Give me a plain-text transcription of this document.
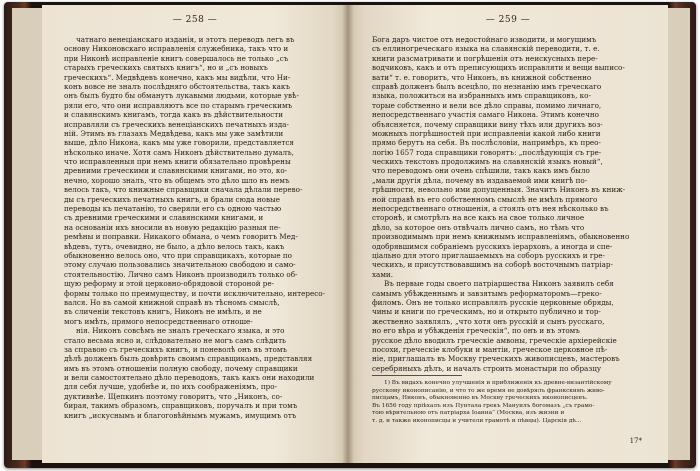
— 258 —
чатнаго венеціанскаго изданія, и этотъ переводъ легъ въ
основу Никоновскаго исправленія служебника, такъ что и
при Никонѣ исправленіе книгъ совершалось не только „съ
старыхъ греческихъ святыхъ книгъ“, но и „съ новыхъ
греческихъ“. Медвѣдевъ конечно, какъ мы видѣли, что Ни-
конъ вовсе не зналъ послѣдняго обстоятельства, такъ какъ
онъ былъ будто бы обманутъ лукавыми людьми, которые увѣ-
ряли его, что они исправляютъ все по старымъ греческимъ
и славянскимъ книгамъ, тогда какъ въ дѣйствительности
исправляли съ греческихъ венеціанскихъ печатныхъ издa-
ній. Этимъ въ глазахъ Медвѣдева, какъ мы уже замѣтили
выше, дѣло Никона, какъ мы уже говорили, представляется
нѣсколько иначе. Хотя самъ Никонъ дѣйствительно думалъ,
что исправленныя при немъ книги обязательно провѣрены
древними греческими и славянскими книгами, но это, ко-
нечно, хорошо зналъ, что въ общемъ это дѣло шло въ немъ
велось такъ, что книжные справщики сначала дѣлали перево-
ды съ греческихъ печатныхъ книгъ, и брали сюда новые
переводы къ печатанію, то сверяли его съ одною частью
съ древними греческими и славянскими книгами, и
на основаніи ихъ вносили въ новую редакцію разныя пе-
ремѣны и поправки. Никакого обмана, о чемъ говоритъ Мед-
вѣдевъ, тутъ, очевидно, не было, а дѣло велось такъ, какъ
обыкновенно велось оно, что при справщикахъ, которые по
этому случаю пользовались значительною свободою и само-
стоятельностію. Лично самъ Никонъ производилъ только об-
щую реформу и этой церковно-обрядовой стороной ре-
формы только по преимуществу, и почти исключительно, интересо-
вался. Но въ самой книжной справѣ въ тѣсномъ смыслѣ,
въ сличеніи текстовъ книгъ, Никонъ не имѣлъ, и не
могъ имѣть, прямого непосредственнаго отноше-
нія. Никонъ совсѣмъ не зналъ греческаго языка, и это
стало весьма ясно и, слѣдовательно не могъ самъ слѣдить
за справою съ греческихъ книгъ, и поневолѣ онъ въ этомъ
дѣлѣ долженъ былъ довѣрять своимъ справщикамъ, представляя
имъ въ этомъ отношеніи полную свободу, почему справщики
и вели самостоятельно дѣло переводовъ, такъ какъ они находили
для себя лучше, удобнѣе и, по ихъ соображеніямъ, про-
дуктивнѣе. Щепкинъ поэтому говоритъ, что „Никонъ, со-
бирая, такимъ образомъ, справщиковъ, поручалъ и при томъ
книгъ „искуснымъ и благоговѣйнымъ мужамъ, имущимъ отъ
— 259 —
Бога даръ чистое отъ недостойнаго изводити, и могущимъ
съ еллиногреческаго языка на славянскій переводити, т. е.
книги разсматривати и погрѣшенія отъ неискусныхъ пере-
водчиковъ, какъ и отъ преписующихъ исправляти и вещи выписо-
вати“ т. е. говоритъ, что Никонъ, въ книжной собственно
справѣ долженъ былъ всецѣло, по незнанію имъ греческаго
языка, положиться на избранныхъ имъ справщиковъ, ко-
торые собственно и вели все дѣло справы, помимо личнаго,
непосредственнаго участія самаго Никона. Этимъ конечно
объясняется, почему справщики вину тѣхъ или другихъ воз-
можныхъ погрѣшностей при исправленіи какой либо книги
прямо берутъ на себя. Въ послѣсловіи, напримѣръ, къ прео-
логію 1657 года справщики говорятъ: „послѣдующія съ гре-
ческихъ текстовъ продолжимъ на славянскій языкъ новый“,
что переводомъ они очень спѣшили, такъ какъ имъ было
„мали другія дѣла, почему въ издаваемой ими книгѣ по-
грѣшности, невольно ими допущенныя. Значитъ Никонъ въ книж-
ной справѣ въ его собственномъ смыслѣ не имѣлъ прямого
непосредственнаго отношенія, а стоялъ отъ нея нѣсколько въ
сторонѣ, и смотрѣлъ на все какъ на свое только личное
дѣло, за которое онъ отвѣчалъ лично самъ, но тѣмъ что
производимымъ при немъ книжнымъ исправленіямъ, обыкновенно
одобрявшимся собраніемъ русскихъ іерарховъ, а иногда и спе-
ціально для этого приглашаемыхъ на соборъ русскихъ и гре-
ческихъ, и присутствовавшимъ на соборѣ восточнымъ патріар-
хами.
Въ первые годы своего патріаршества Никонъ заявилъ себя
самымъ убѣжденнымъ и завзятымъ реформаторомъ—греко-
филомъ. Онъ не только исправлялъ русскіе церковные обряды,
чины и книги по греческимъ, но и открыто публично и тор-
жественно заявлялъ, „что хотя онъ русскій и сынъ русскаго,
но его вѣра и убѣжденія греческія“, по онъ и въ этомъ
русское дѣло вводилъ греческіе амвоны, греческіе архіерейскіе
посохи, греческіе клобуки и мантіи, греческое церковное пѣ-
ніе, приглашалъ въ Москву греческихъ живописцевъ, мастеровъ
серебряныхъ дѣлъ, и началъ строить монастыри по образцу
1) Въ видахъ конечно улучшенія и приближенія къ древне-византійскому
русскому иконописанію, и что то же время не довѣрялъ франкскимъ живо-
писцамъ, Никонъ, обыкновенно въ Москву греческихъ иконописцевъ.
Въ 1656 году пріѣхалъ изъ Пунтала грекъ Мануилъ богомазъ „съ грамо-
тою вѣрительною отъ патріарха Іоанна“ (Москва, изъ жизни и
т. д. и также иконописцы и учители грамотѣ и пѣвцы). Царскія дѣ...
17*
